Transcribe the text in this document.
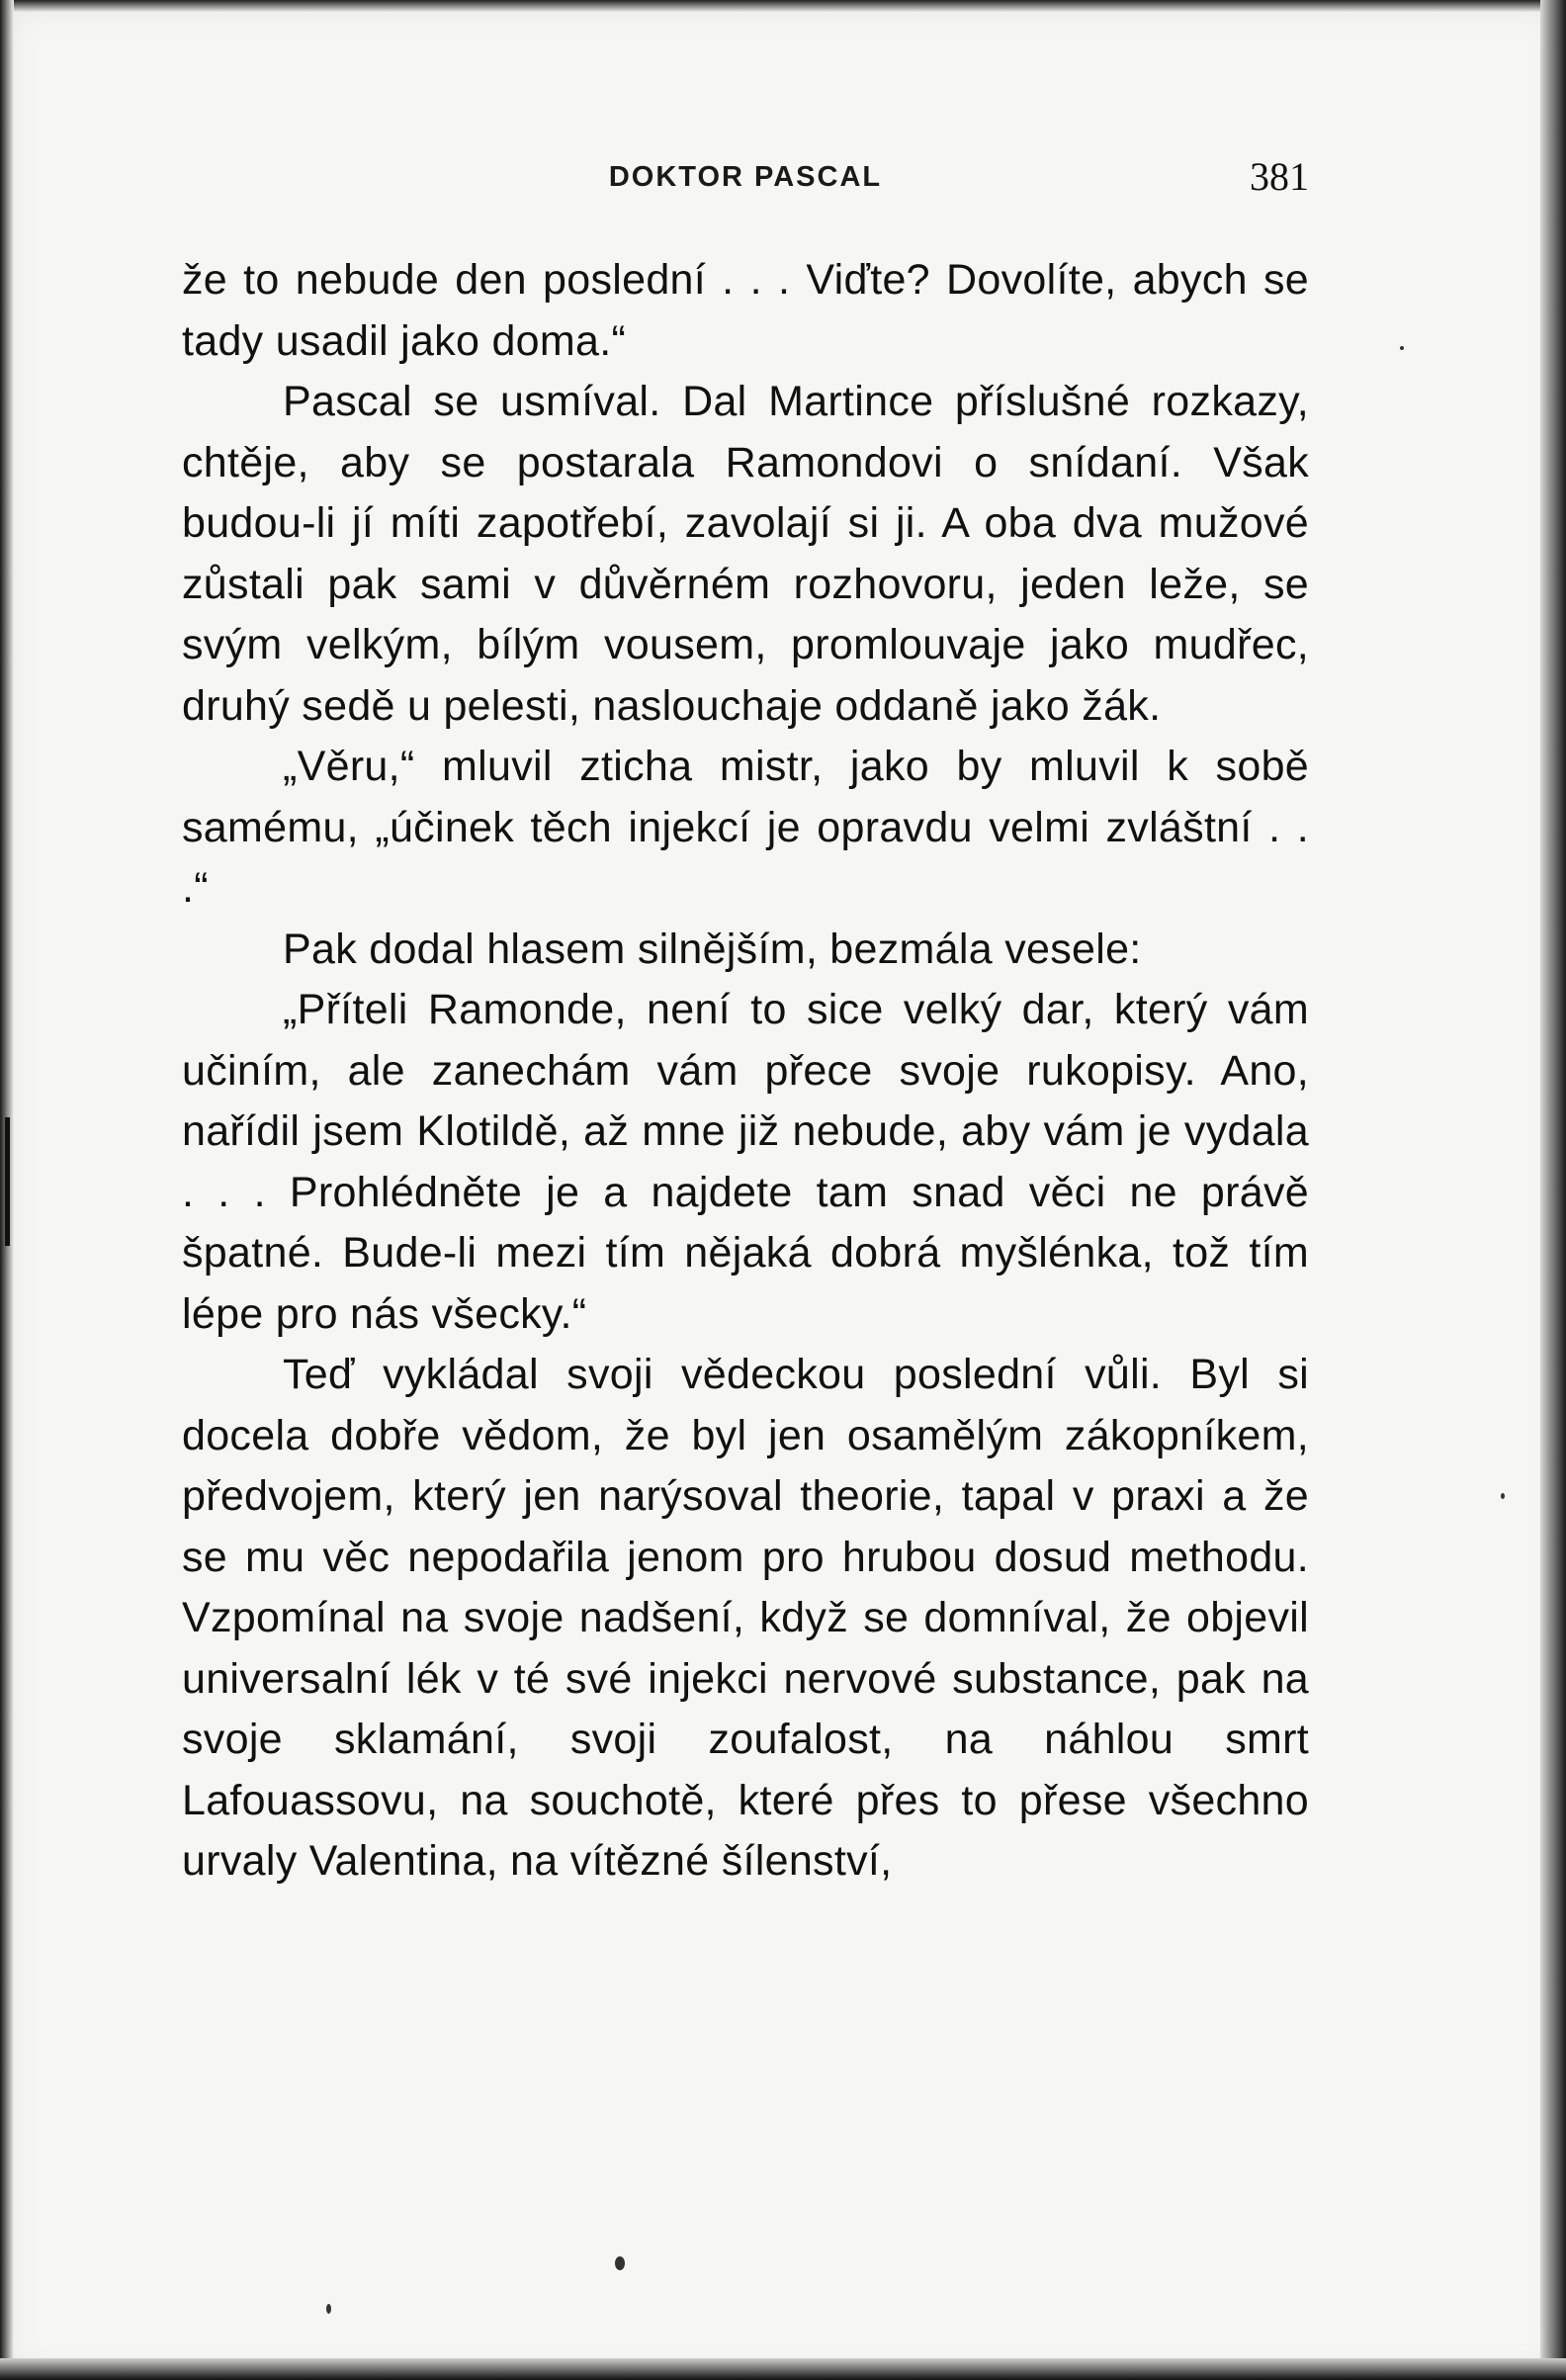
DOKTOR PASCAL	381

že to nebude den poslední . . . Viďte? Dovolíte, abych se tady usadil jako doma.“

Pascal se usmíval. Dal Martince příslušné rozkazy, chtěje, aby se postarala Ramondovi o snídaní. Však budou-li jí míti zapotřebí, zavolají si ji. A oba dva mužové zůstali pak sami v důvěrném rozhovoru, jeden leže, se svým velkým, bílým vousem, promlouvaje jako mudřec, druhý sedě u pelesti, naslouchaje oddaně jako žák.

„Věru,“ mluvil zticha mistr, jako by mluvil k sobě samému, „účinek těch injekcí je opravdu velmi zvláštní . . .“

Pak dodal hlasem silnějším, bezmála vesele:

„Příteli Ramonde, není to sice velký dar, který vám učiním, ale zanechám vám přece svoje rukopisy. Ano, nařídil jsem Klotildě, až mne již nebude, aby vám je vydala . . . Prohlédněte je a najdete tam snad věci ne právě špatné. Bude-li mezi tím nějaká dobrá myšlénka, tož tím lépe pro nás všecky.“

Teď vykládal svoji vědeckou poslední vůli. Byl si docela dobře vědom, že byl jen osamělým zákopníkem, předvojem, který jen narýsoval theorie, tapal v praxi a že se mu věc nepodařila jenom pro hrubou dosud methodu. Vzpomínal na svoje nadšení, když se domníval, že objevil universalní lék v té své injekci nervové substance, pak na svoje sklamání, svoji zoufalost, na náhlou smrt Lafouassovu, na souchotě, které přes to přese všechno urvaly Valentina, na vítězné šílenství,
